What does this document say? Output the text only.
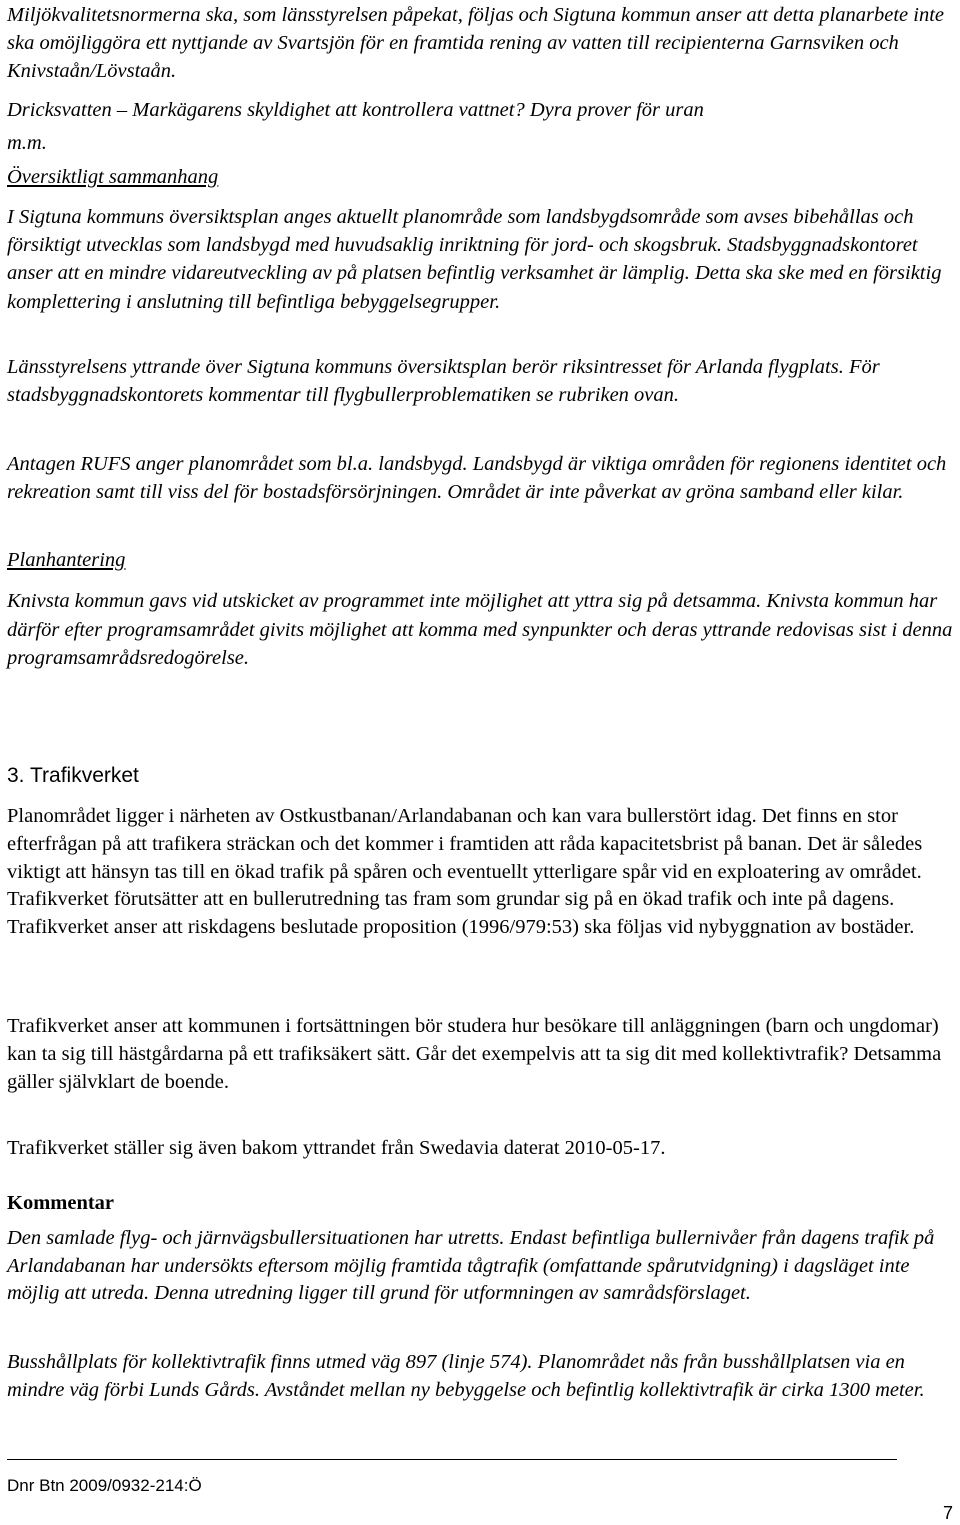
Miljökvalitetsnormerna ska, som länsstyrelsen påpekat, följas och Sigtuna kommun anser att detta planarbete inte ska omöjliggöra ett nyttjande av Svartsjön för en framtida rening av vatten till recipienterna Garnsviken och Knivstaån/Lövstaån.

Dricksvatten – Markägarens skyldighet att kontrollera vattnet? Dyra prover för uran

m.m.

Översiktligt sammanhang

I Sigtuna kommuns översiktsplan anges aktuellt planområde som landsbygdsområde som avses bibehållas och försiktigt utvecklas som landsbygd med huvudsaklig inriktning för jord- och skogsbruk. Stadsbyggnadskontoret anser att en mindre vidareutveckling av på platsen befintlig verksamhet är lämplig. Detta ska ske med en försiktig komplettering i anslutning till befintliga bebyggelsegrupper.

Länsstyrelsens yttrande över Sigtuna kommuns översiktsplan berör riksintresset för Arlanda flygplats. För stadsbyggnadskontorets kommentar till flygbullerproblematiken se rubriken ovan.

Antagen RUFS anger planområdet som bl.a. landsbygd. Landsbygd är viktiga områden för regionens identitet och rekreation samt till viss del för bostadsförsörjningen. Området är inte påverkat av gröna samband eller kilar.

Planhantering

Knivsta kommun gavs vid utskicket av programmet inte möjlighet att yttra sig på detsamma. Knivsta kommun har därför efter programsamrådet givits möjlighet att komma med synpunkter och deras yttrande redovisas sist i denna programsamrådsredogörelse.

3. Trafikverket

Planområdet ligger i närheten av Ostkustbanan/Arlandabanan och kan vara bullerstört idag. Det finns en stor efterfrågan på att trafikera sträckan och det kommer i framtiden att råda kapacitetsbrist på banan. Det är således viktigt att hänsyn tas till en ökad trafik på spåren och eventuellt ytterligare spår vid en exploatering av området. Trafikverket förutsätter att en bullerutredning tas fram som grundar sig på en ökad trafik och inte på dagens. Trafikverket anser att riskdagens beslutade proposition (1996/979:53) ska följas vid nybyggnation av bostäder.

Trafikverket anser att kommunen i fortsättningen bör studera hur besökare till anläggningen (barn och ungdomar) kan ta sig till hästgårdarna på ett trafiksäkert sätt. Går det exempelvis att ta sig dit med kollektivtrafik? Detsamma gäller självklart de boende.

Trafikverket ställer sig även bakom yttrandet från Swedavia daterat 2010-05-17.

Kommentar

Den samlade flyg- och järnvägsbullersituationen har utretts. Endast befintliga bullernivåer från dagens trafik på Arlandabanan har undersökts eftersom möjlig framtida tågtrafik (omfattande spårutvidgning) i dagsläget inte möjlig att utreda. Denna utredning ligger till grund för utformningen av samrådsförslaget.

Busshållplats för kollektivtrafik finns utmed väg 897 (linje 574). Planområdet nås från busshållplatsen via en mindre väg förbi Lunds Gårds. Avståndet mellan ny bebyggelse och befintlig kollektivtrafik är cirka 1300 meter.

Dnr Btn 2009/0932-214:Ö
7
